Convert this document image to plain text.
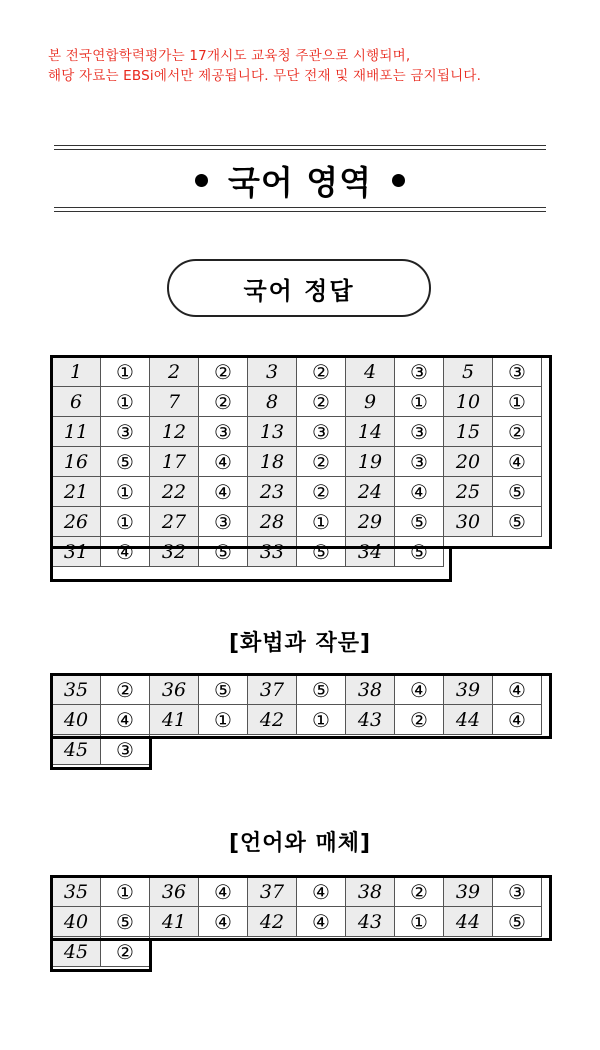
본 전국연합학력평가는 17개시도 교육청 주관으로 시행되며,
해당 자료는 EBSi에서만 제공됩니다. 무단 전재 및 재배포는 금지됩니다.
국어 영역
국어 정답
1	①	2	②	3	②	4	③	5	③
6	①	7	②	8	②	9	①	10	①
11	③	12	③	13	③	14	③	15	②
16	⑤	17	④	18	②	19	③	20	④
21	①	22	④	23	②	24	④	25	⑤
26	①	27	③	28	①	29	⑤	30	⑤
31	④	32	⑤	33	⑤	34	⑤		
[화법과 작문]
35	②	36	⑤	37	⑤	38	④	39	④
40	④	41	①	42	①	43	②	44	④
45	③								
[언어와 매체]
35	①	36	④	37	④	38	②	39	③
40	⑤	41	④	42	④	43	①	44	⑤
45	②								
